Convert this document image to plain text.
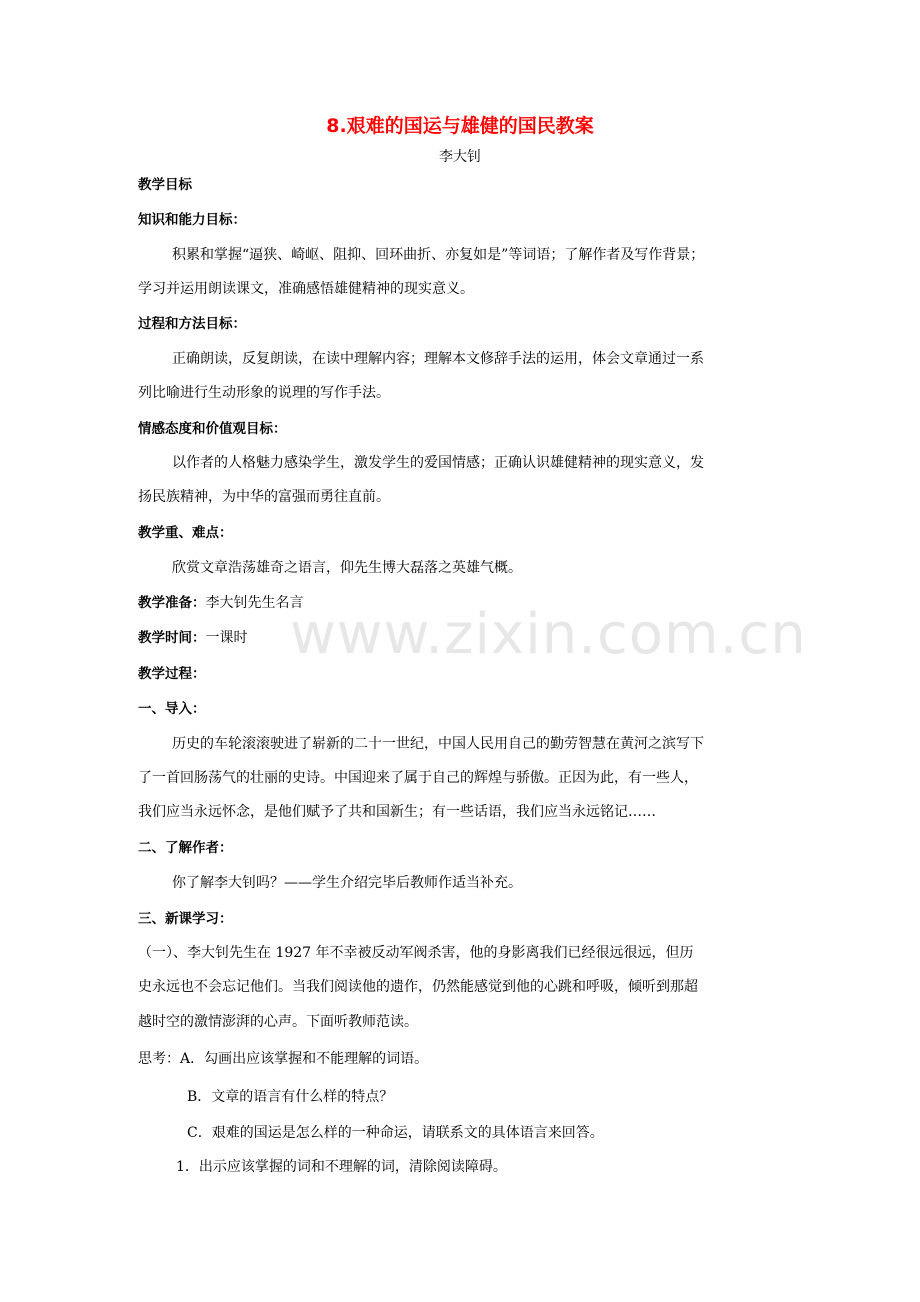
www.zixin.com.cn
8.艰难的国运与雄健的国民教案
李大钊
教学目标
知识和能力目标：
积累和掌握“逼狭、崎岖、阻抑、回环曲折、亦复如是”等词语；了解作者及写作背景；
学习并运用朗读课文，准确感悟雄健精神的现实意义。
过程和方法目标：
正确朗读，反复朗读，在读中理解内容；理解本文修辞手法的运用，体会文章通过一系
列比喻进行生动形象的说理的写作手法。
情感态度和价值观目标：
以作者的人格魅力感染学生，激发学生的爱国情感；正确认识雄健精神的现实意义，发
扬民族精神，为中华的富强而勇往直前。
教学重、难点：
欣赏文章浩荡雄奇之语言，仰先生博大磊落之英雄气概。
教学准备：李大钊先生名言
教学时间：一课时
教学过程：
一、导入：
历史的车轮滚滚驶进了崭新的二十一世纪，中国人民用自己的勤劳智慧在黄河之滨写下
了一首回肠荡气的壮丽的史诗。中国迎来了属于自己的辉煌与骄傲。正因为此，有一些人，
我们应当永远怀念，是他们赋予了共和国新生；有一些话语，我们应当永远铭记……
二、了解作者：
你了解李大钊吗？——学生介绍完毕后教师作适当补充。
三、新课学习：
（一）、李大钊先生在 1927 年不幸被反动军阀杀害，他的身影离我们已经很远很远，但历
史永远也不会忘记他们。当我们阅读他的遗作，仍然能感觉到他的心跳和呼吸，倾听到那超
越时空的激情澎湃的心声。下面听教师范读。
思考：A．勾画出应该掌握和不能理解的词语。
B．文章的语言有什么样的特点？
C．艰难的国运是怎么样的一种命运，请联系文的具体语言来回答。
1．出示应该掌握的词和不理解的词，清除阅读障碍。
